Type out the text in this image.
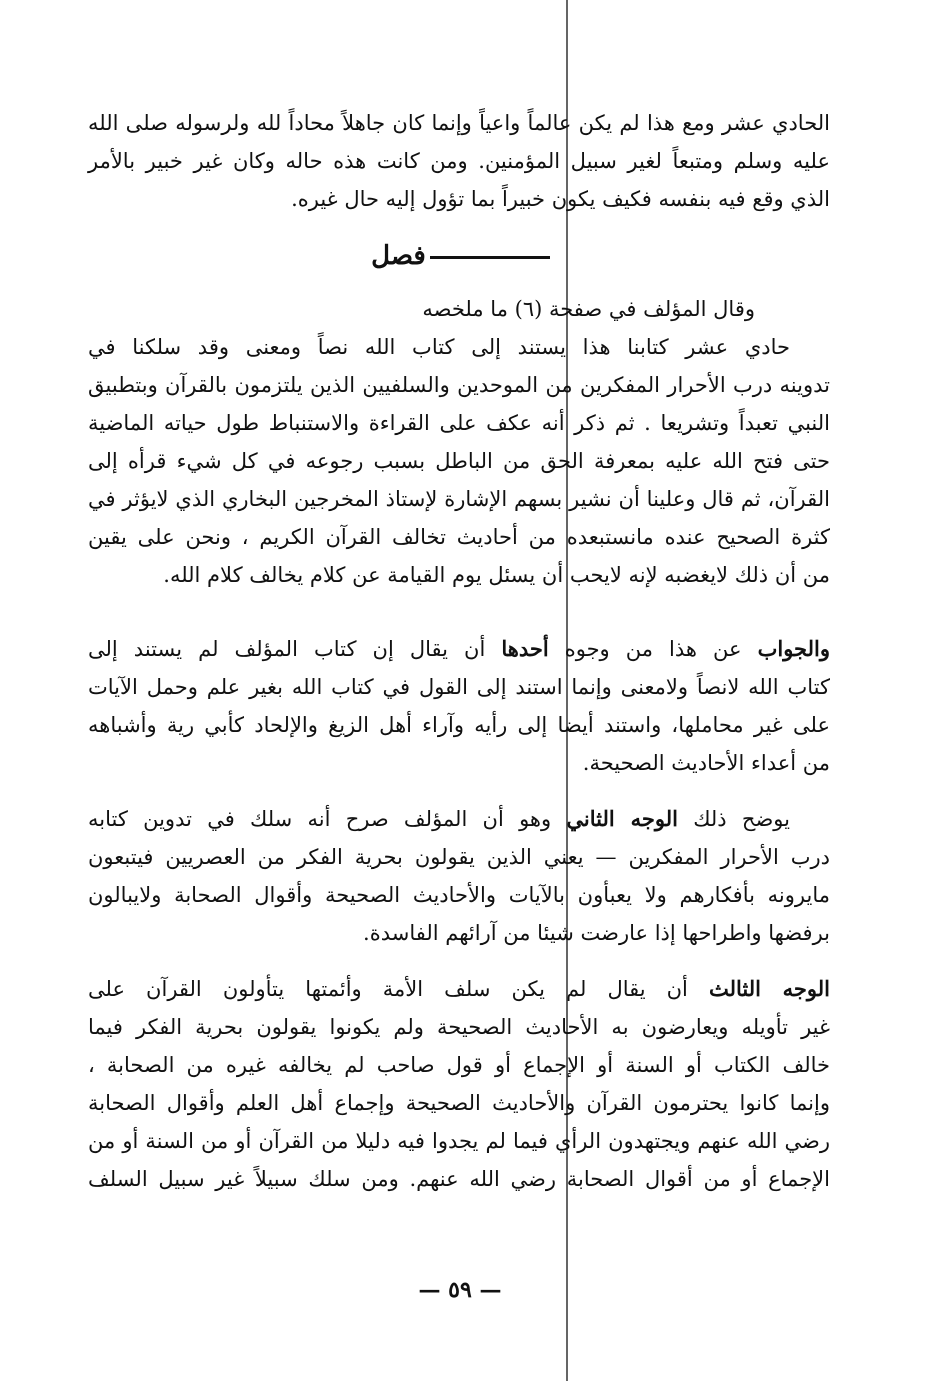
الحادي عشر ومع هذا لم يكن عالماً واعياً وإنما كان جاهلاً محاداً لله ولرسوله صلى الله
عليه وسلم ومتبعاً لغير سبيل المؤمنين. ومن كانت هذه حاله وكان غير خبير بالأمر
الذي وقع فيه بنفسه فكيف يكون خبيراً بما تؤول إليه حال غيره.
فصل
وقال المؤلف في صفحة (٦) ما ملخصه
حادي عشر كتابنا هذا يستند إلى كتاب الله نصاً ومعنى وقد سلكنا في
تدوينه درب الأحرار المفكرين من الموحدين والسلفيين الذين يلتزمون بالقرآن وبتطبيق
النبي تعبداً وتشريعا . ثم ذكر أنه عكف على القراءة والاستنباط طول حياته الماضية
حتى فتح الله عليه بمعرفة الحق من الباطل بسبب رجوعه في كل شيء قرأه إلى
القرآن، ثم قال وعلينا أن نشير بسهم الإشارة لإستاذ المخرجين البخاري الذي لايؤثر في
كثرة الصحيح عنده مانستبعده من أحاديث تخالف القرآن الكريم ، ونحن على يقين
من أن ذلك لايغضبه لإنه لايحب أن يسئل يوم القيامة عن كلام يخالف كلام الله.
والجواب عن هذا من وجوه أحدها أن يقال إن كتاب المؤلف لم يستند إلى
كتاب الله لانصاً ولامعنى وإنما استند إلى القول في كتاب الله بغير علم وحمل الآيات
على غير محاملها، واستند أيضا إلى رأيه وآراء أهل الزيغ والإلحاد كأبي رية وأشباهه
من أعداء الأحاديث الصحيحة.
يوضح ذلك الوجه الثاني وهو أن المؤلف صرح أنه سلك في تدوين كتابه
درب الأحرار المفكرين — يعني الذين يقولون بحرية الفكر من العصريين فيتبعون
مايرونه بأفكارهم ولا يعبأون بالآيات والأحاديث الصحيحة وأقوال الصحابة ولايبالون
برفضها واطراحها إذا عارضت شيئا من آرائهم الفاسدة.
الوجه الثالث أن يقال لم يكن سلف الأمة وأئمتها يتأولون القرآن على
غير تأويله ويعارضون به الأحاديث الصحيحة ولم يكونوا يقولون بحرية الفكر فيما
خالف الكتاب أو السنة أو الإجماع أو قول صاحب لم يخالفه غيره من الصحابة ،
وإنما كانوا يحترمون القرآن والأحاديث الصحيحة وإجماع أهل العلم وأقوال الصحابة
رضي الله عنهم ويجتهدون الرأي فيما لم يجدوا فيه دليلا من القرآن أو من السنة أو من
الإجماع أو من أقوال الصحابة رضي الله عنهم. ومن سلك سبيلاً غير سبيل السلف
— ٥٩ —
